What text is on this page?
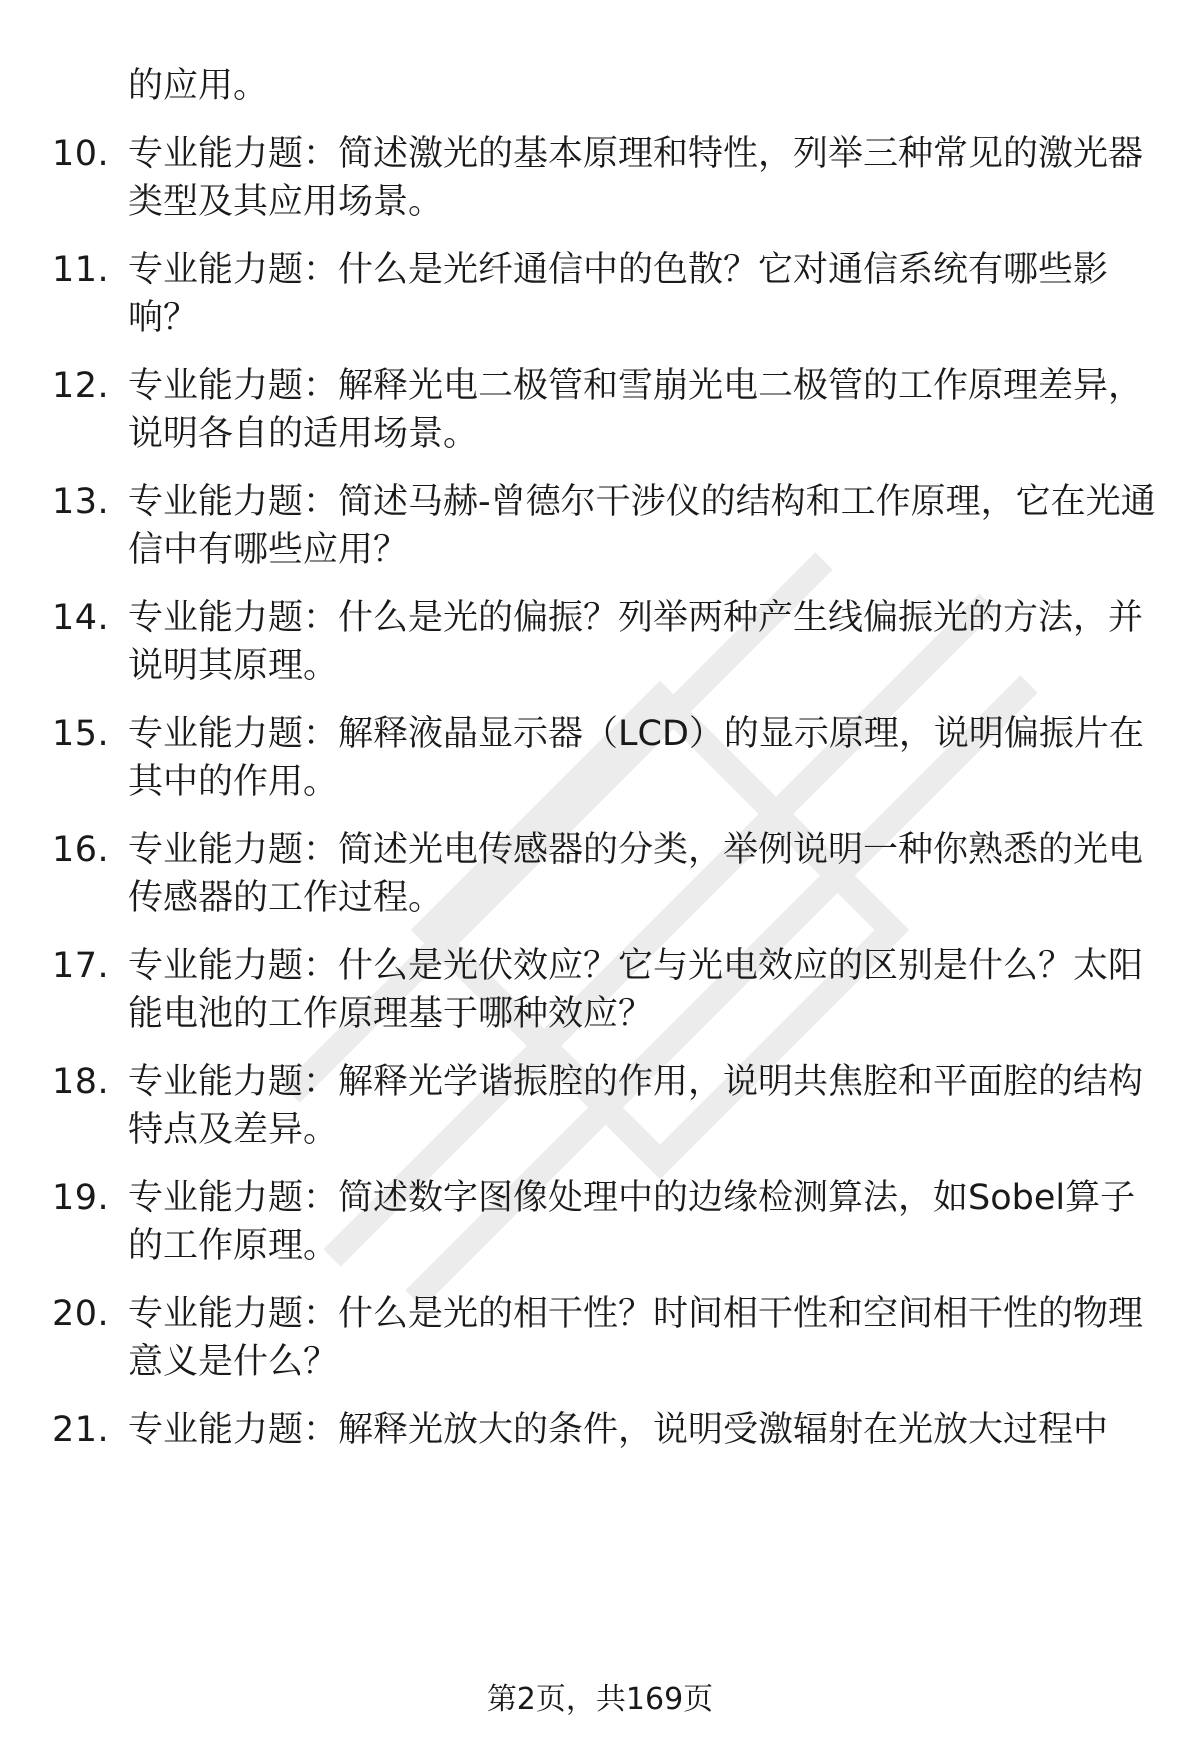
的应用。

10. 专业能力题：简述激光的基本原理和特性，列举三种常见的激光器类型及其应用场景。

11. 专业能力题：什么是光纤通信中的色散？它对通信系统有哪些影响？

12. 专业能力题：解释光电二极管和雪崩光电二极管的工作原理差异，说明各自的适用场景。

13. 专业能力题：简述马赫-曾德尔干涉仪的结构和工作原理，它在光通信中有哪些应用？

14. 专业能力题：什么是光的偏振？列举两种产生线偏振光的方法，并说明其原理。

15. 专业能力题：解释液晶显示器（LCD）的显示原理，说明偏振片在其中的作用。

16. 专业能力题：简述光电传感器的分类，举例说明一种你熟悉的光电传感器的工作过程。

17. 专业能力题：什么是光伏效应？它与光电效应的区别是什么？太阳能电池的工作原理基于哪种效应？

18. 专业能力题：解释光学谐振腔的作用，说明共焦腔和平面腔的结构特点及差异。

19. 专业能力题：简述数字图像处理中的边缘检测算法，如Sobel算子的工作原理。

20. 专业能力题：什么是光的相干性？时间相干性和空间相干性的物理意义是什么？

21. 专业能力题：解释光放大的条件，说明受激辐射在光放大过程中

第2页，共169页
